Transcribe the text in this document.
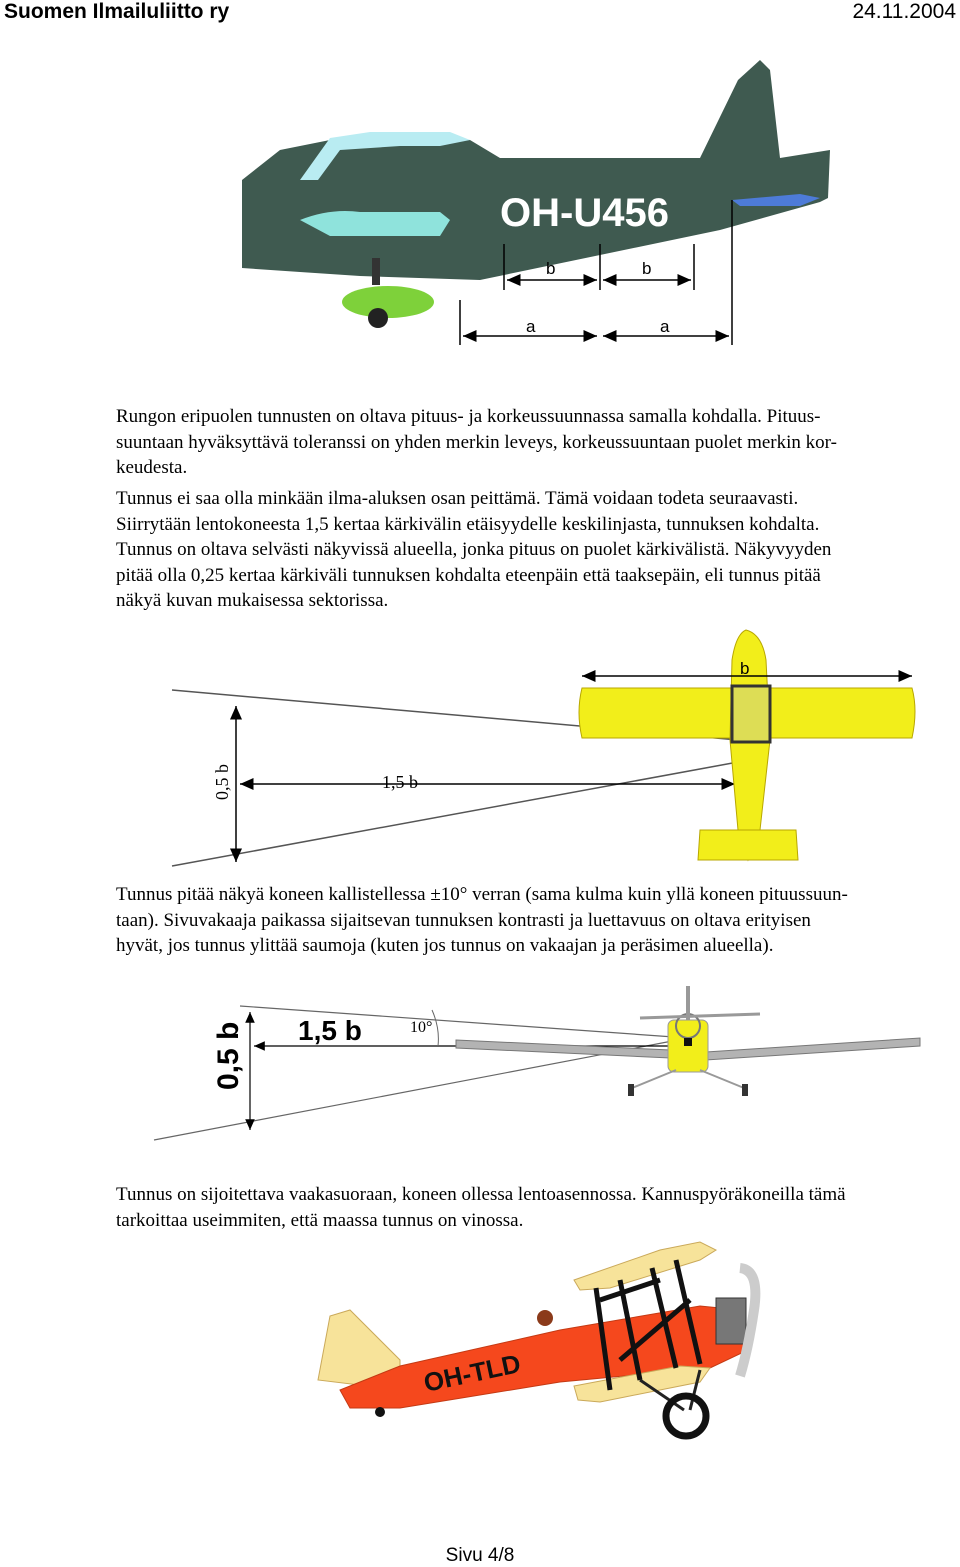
Suomen Ilmailuliitto ry	24.11.2004
OH-U456
b	b
a	a
Rungon eripuolen tunnusten on oltava pituus- ja korkeussuunnassa samalla kohdalla. Pituus-
suuntaan hyväksyttävä toleranssi on yhden merkin leveys, korkeussuuntaan puolet merkin kor-
keudesta.
Tunnus ei saa olla minkään ilma-aluksen osan peittämä. Tämä voidaan todeta seuraavasti.
Siirrytään lentokoneesta 1,5 kertaa kärkivälin etäisyydelle keskilinjasta, tunnuksen kohdalta.
Tunnus on oltava selvästi näkyvissä alueella, jonka pituus on puolet kärkivälistä. Näkyvyyden
pitää olla 0,25 kertaa kärkiväli tunnuksen kohdalta eteenpäin että taaksepäin, eli tunnus pitää
näkyä kuvan mukaisessa sektorissa.
0,5 b	1,5 b
b
Tunnus pitää näkyä koneen kallistellessa ±10° verran (sama kulma kuin yllä koneen pituussuun-
taan). Sivuvakaaja paikassa sijaitsevan tunnuksen kontrasti ja luettavuus on oltava erityisen
hyvät, jos tunnus ylittää saumoja (kuten jos tunnus on vakaajan ja peräsimen alueella).
0,5 b 1,5 b	10°
Tunnus on sijoitettava vaakasuoraan, koneen ollessa lentoasennossa. Kannuspyöräkoneilla tämä
tarkoittaa useimmiten, että maassa tunnus on vinossa.
OH-TLD
Sivu 4/8
